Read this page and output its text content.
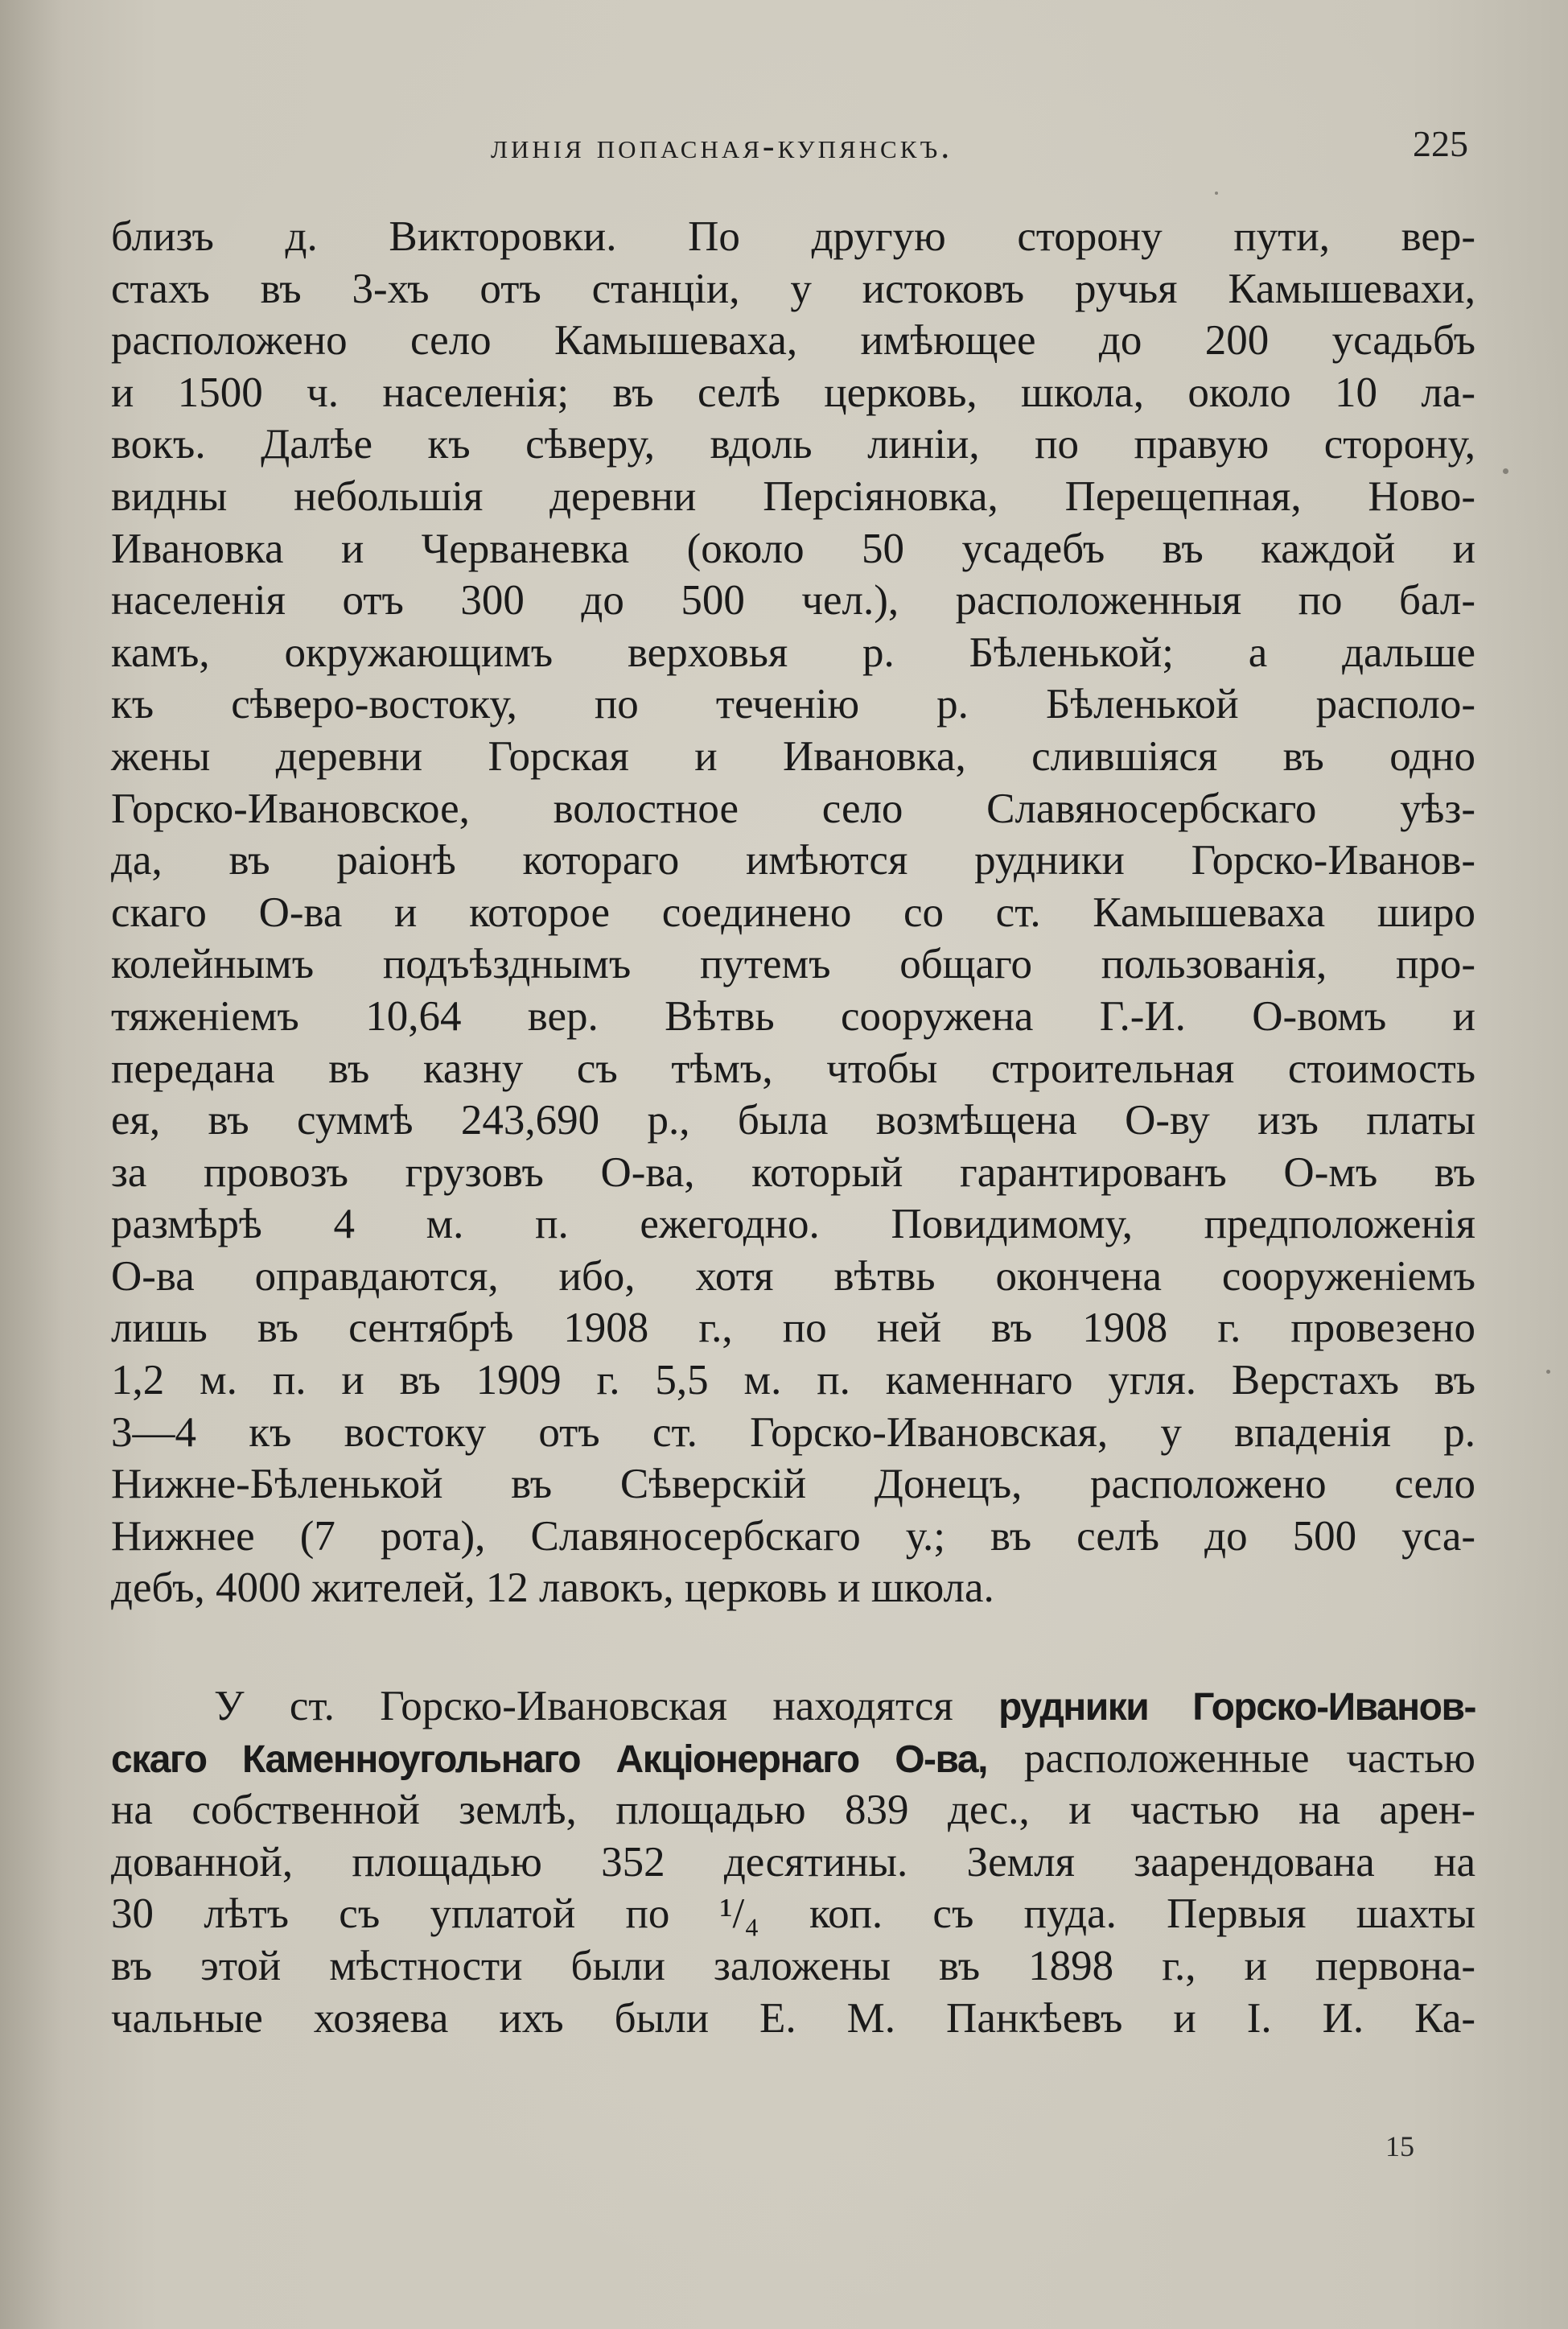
линія попасная-купянскъ.	225
близъ д. Викторовки. По другую сторону пути, вер-
стахъ въ 3-хъ отъ станціи, у истоковъ ручья Камышевахи,
расположено село Камышеваха, имѣющее до 200 усадьбъ
и 1500 ч. населенія; въ селѣ церковь, школа, около 10 ла-
вокъ. Далѣе къ сѣверу, вдоль линіи, по правую сторону,
видны небольшія деревни Персіяновка, Перещепная, Ново-
Ивановка и Червaневка (около 50 усадебъ въ каждой и
населенія отъ 300 до 500 чел.), расположенныя по бал-
камъ, окружающимъ верховья р. Бѣленькой; а дальше
къ сѣверо-востоку, по теченію р. Бѣленькой располо-
жены деревни Горская и Ивановка, слившіяся въ одно
Горско-Ивановское, волостное село Славяносербскаго уѣз-
да, въ раіонѣ котораго имѣются рудники Горско-Иванов-
скаго О-ва и которое соединено со ст. Камышеваха широ
колейнымъ подъѣзднымъ путемъ общаго пользованія, про-
тяженіемъ 10,64 вер. Вѣтвь сооружена Г.-И. О-вомъ и
передана въ казну съ тѣмъ, чтобы строительная стоимость
ея, въ суммѣ 243,690 р., была возмѣщена О-ву изъ платы
за провозъ грузовъ О-ва, который гарантированъ О-мъ въ
размѣрѣ 4 м. п. ежегодно. Повидимому, предположенія
О-ва оправдаются, ибо, хотя вѣтвь окончена сооруженіемъ
лишь въ сентябрѣ 1908 г., по ней въ 1908 г. провезено
1,2 м. п. и въ 1909 г. 5,5 м. п. каменнаго угля. Верстахъ въ
3—4 къ востоку отъ ст. Горско-Ивановская, у впаденія р.
Нижне-Бѣленькой въ Сѣверскій Донецъ, расположено село
Нижнее (7 рота), Славяносербскаго у.; въ селѣ до 500 уса-
дебъ, 4000 жителей, 12 лавокъ, церковь и школа.
У ст. Горско-Ивановская находятся рудники Горско-Иванов-
скаго Каменноугольнаго Акціонернаго О-ва, расположенные частью
на собственной землѣ, площадью 839 дес., и частью на арен-
дованной, площадью 352 десятины. Земля заарендована на
30 лѣтъ съ уплатой по ¹/₄ коп. съ пуда. Первыя шахты
въ этой мѣстности были заложены въ 1898 г., и первона-
чальные хозяева ихъ были Е. М. Панкѣевъ и І. И. Ка-
15
